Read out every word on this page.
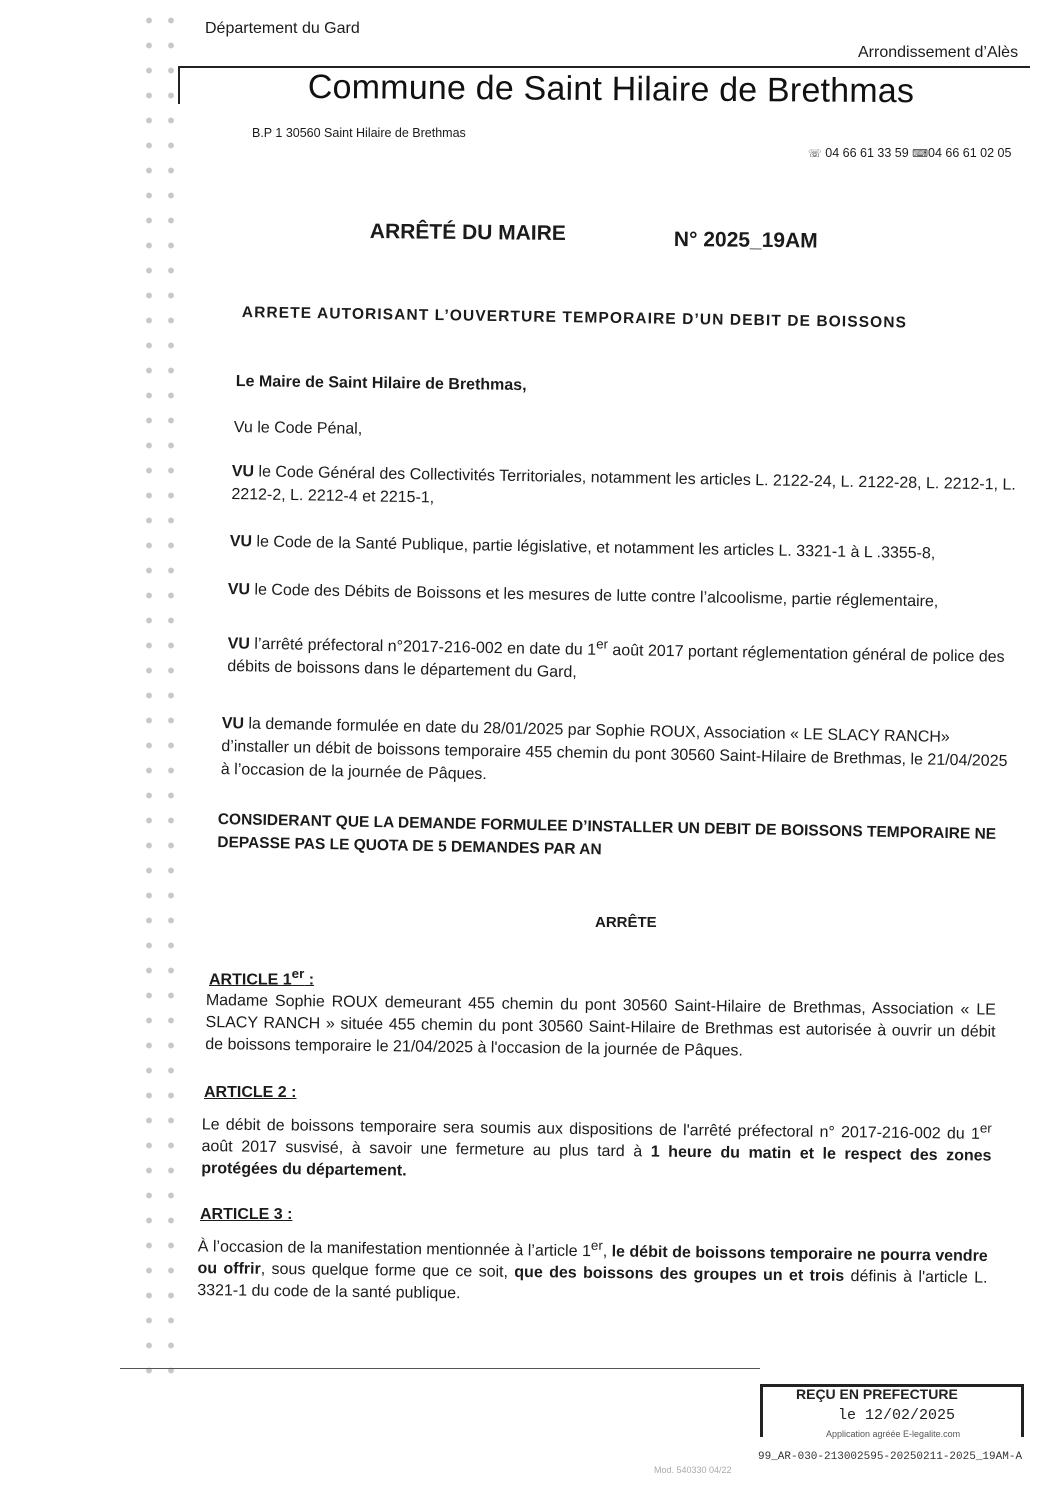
Département du Gard
Arrondissement d’Alès
Commune de Saint Hilaire de Brethmas
B.P 1 30560 Saint Hilaire de Brethmas
☏ 04 66 61 33 59 ⌨04 66 61 02 05
ARRÊTÉ DU MAIRE	N° 2025_19AM
ARRETE AUTORISANT L’OUVERTURE TEMPORAIRE D’UN DEBIT DE BOISSONS
Le Maire de Saint Hilaire de Brethmas,
Vu le Code Pénal,
VU le Code Général des Collectivités Territoriales, notamment les articles L. 2122-24, L. 2122-28, L. 2212-1, L. 2212-2, L. 2212-4 et 2215-1,
VU le Code de la Santé Publique, partie législative, et notamment les articles L. 3321-1 à L .3355-8,
VU le Code des Débits de Boissons et les mesures de lutte contre l’alcoolisme, partie réglementaire,
VU l’arrêté préfectoral n°2017-216-002 en date du 1er août 2017 portant réglementation général de police des débits de boissons dans le département du Gard,
VU la demande formulée en date du 28/01/2025 par Sophie ROUX, Association « LE SLACY RANCH» d’installer un débit de boissons temporaire 455 chemin du pont 30560 Saint-Hilaire de Brethmas, le 21/04/2025 à l’occasion de la journée de Pâques.
CONSIDERANT QUE LA DEMANDE FORMULEE D’INSTALLER UN DEBIT DE BOISSONS TEMPORAIRE NE DEPASSE PAS LE QUOTA DE 5 DEMANDES PAR AN
ARRÊTE
ARTICLE 1er :
Madame Sophie ROUX demeurant 455 chemin du pont 30560 Saint-Hilaire de Brethmas, Association « LE SLACY RANCH » située 455 chemin du pont 30560 Saint-Hilaire de Brethmas est autorisée à ouvrir un débit de boissons temporaire le 21/04/2025 à l'occasion de la journée de Pâques.
ARTICLE 2 :
Le débit de boissons temporaire sera soumis aux dispositions de l'arrêté préfectoral n° 2017-216-002 du 1er août 2017 susvisé, à savoir une fermeture au plus tard à 1 heure du matin et le respect des zones protégées du département.
ARTICLE 3 :
À l’occasion de la manifestation mentionnée à l’article 1er, le débit de boissons temporaire ne pourra vendre ou offrir, sous quelque forme que ce soit, que des boissons des groupes un et trois définis à l'article L. 3321-1 du code de la santé publique.
REÇU EN PREFECTURE
le 12/02/2025
Application agréée E-legalite.com
99_AR-030-213002595-20250211-2025_19AM-A
Mod. 540330 04/22
